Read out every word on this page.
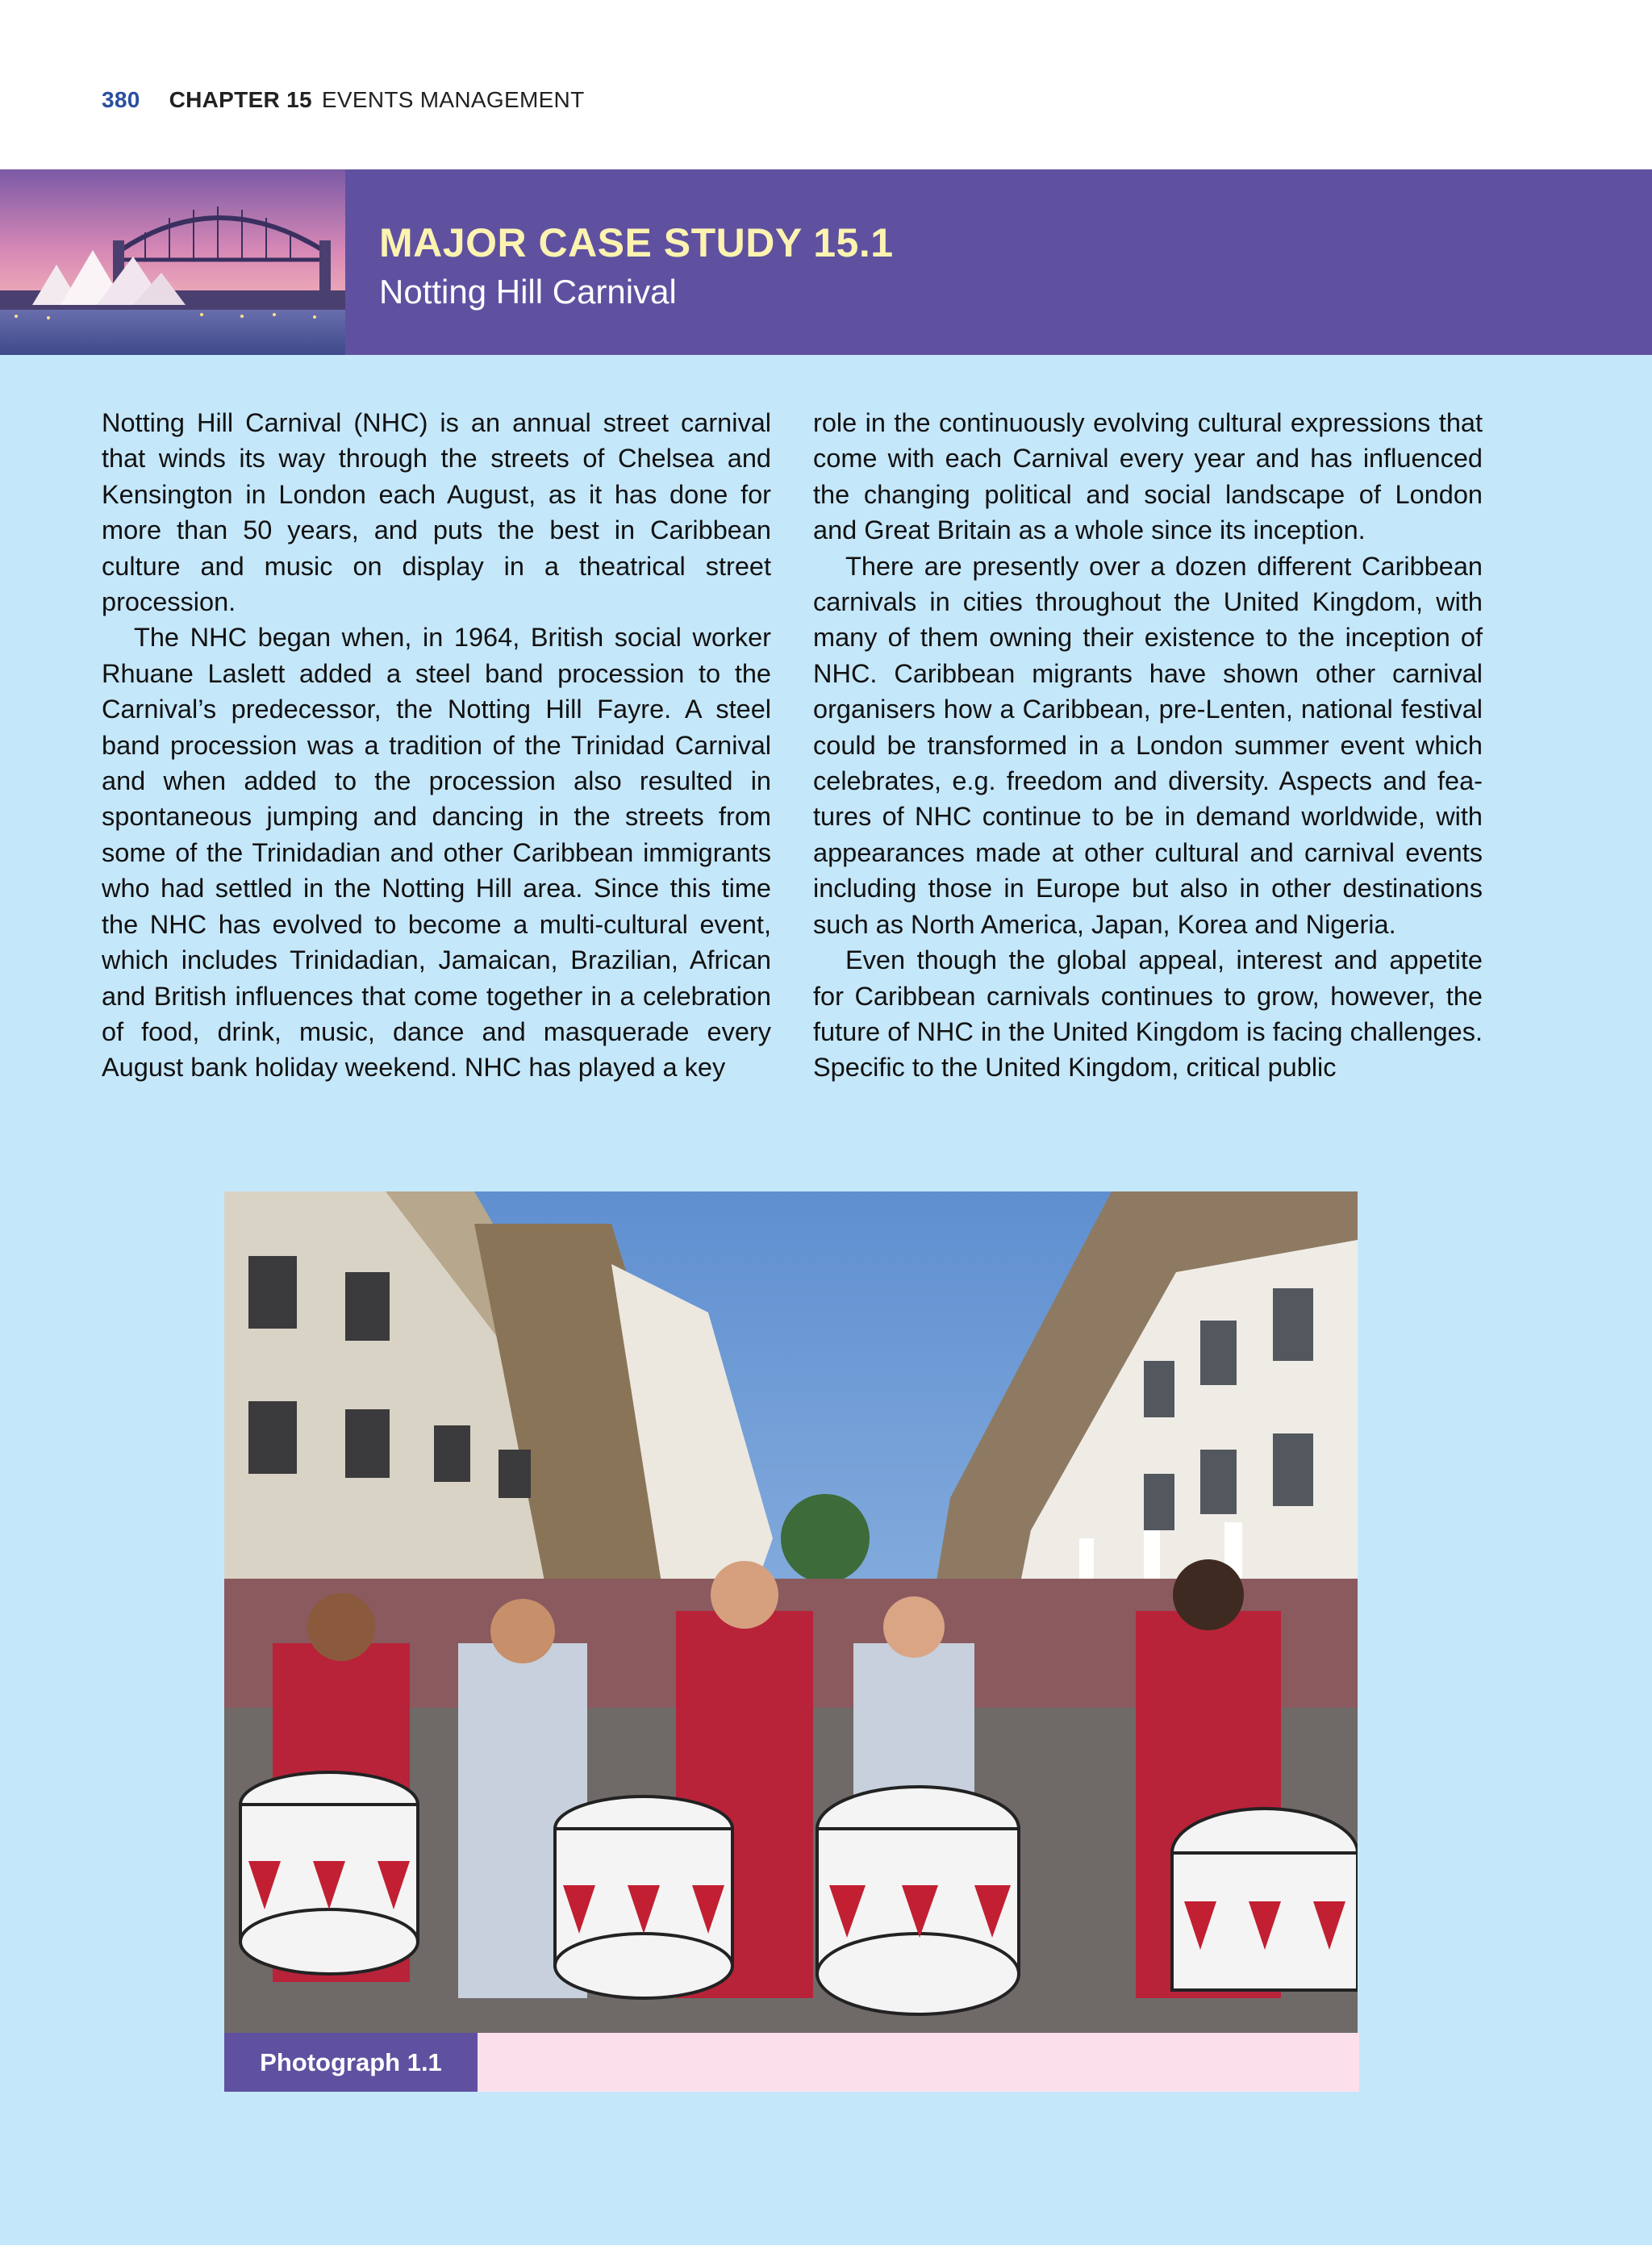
380 CHAPTER 15 EVENTS MANAGEMENT
MAJOR CASE STUDY 15.1
Notting Hill Carnival

Notting Hill Carnival (NHC) is an annual street carnival that winds its way through the streets of Chelsea and Kensington in London each August, as it has done for more than 50 years, and puts the best in Caribbean culture and music on display in a theatrical street procession.

The NHC began when, in 1964, British social worker Rhuane Laslett added a steel band procession to the Carnival’s predecessor, the Notting Hill Fayre. A steel band procession was a tradition of the Trinidad Carnival and when added to the procession also resulted in spontaneous jumping and dancing in the streets from some of the Trinidadian and other Caribbean immigrants who had settled in the Notting Hill area. Since this time the NHC has evolved to become a multi-cultural event, which includes Trinidadian, Jamaican, Brazilian, African and British influences that come together in a celebration of food, drink, music, dance and masquerade every August bank holiday weekend. NHC has played a key

role in the continuously evolving cultural expressions that come with each Carnival every year and has influenced the changing political and social landscape of London and Great Britain as a whole since its inception.

There are presently over a dozen different Caribbean carnivals in cities throughout the United Kingdom, with many of them owning their existence to the inception of NHC. Caribbean migrants have shown other carnival organisers how a Caribbean, pre-Lenten, national festival could be transformed in a London summer event which celebrates, e.g. freedom and diversity. Aspects and features of NHC continue to be in demand worldwide, with appearances made at other cultural and carnival events including those in Europe but also in other destinations such as North America, Japan, Korea and Nigeria.

Even though the global appeal, interest and appetite for Caribbean carnivals continues to grow, however, the future of NHC in the United Kingdom is facing challenges. Specific to the United Kingdom, critical public

Photograph 1.1
